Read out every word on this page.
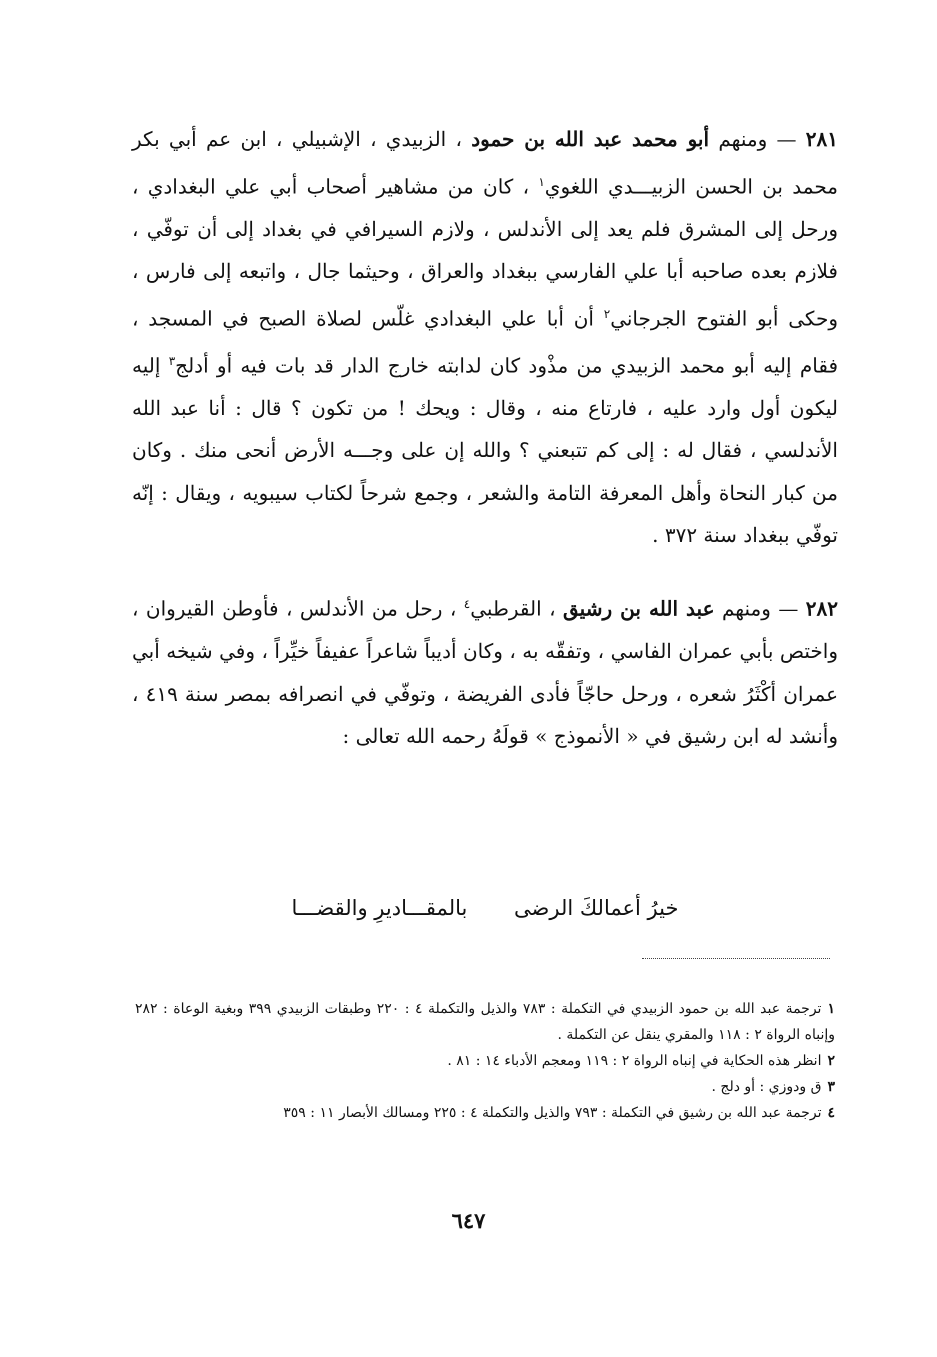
٢٨١ — ومنهم أبو محمد عبد الله بن حمود ، الزبيدي ، الإشبيلي ، ابن عم أبي بكر محمد بن الحسن الزبيـــدي اللغوي$^١$ ، كان من مشاهير أصحاب أبي علي البغدادي ، ورحل إلى المشرق فلم يعد إلى الأندلس ، ولازم السيرافي في بغداد إلى أن توفّي ، فلازم بعده صاحبه أبا علي الفارسي ببغداد والعراق ، وحيثما جال ، واتبعه إلى فارس ، وحكى أبو الفتوح الجرجاني$^٢$ أن أبا علي البغدادي غلّس لصلاة الصبح في المسجد ، فقام إليه أبو محمد الزبيدي من مذْود كان لدابته خارج الدار قد بات فيه أو أدلج$^٣$ إليه ليكون أول وارد عليه ، فارتاع منه ، وقال : ويحك ! من تكون ؟ قال : أنا عبد الله الأندلسي ، فقال له : إلى كم تتبعني ؟ والله إن على وجـــه الأرض أنحى منك . وكان من كبار النحاة وأهل المعرفة التامة والشعر ، وجمع شرحاً لكتاب سيبويه ، ويقال : إنّه توفّي ببغداد سنة ٣٧٢ .

٢٨٢ — ومنهم عبد الله بن رشيق ، القرطبي$^٤$ ، رحل من الأندلس ، فأوطن القيروان ، واختص بأبي عمران الفاسي ، وتفقّه به ، وكان أديباً شاعراً عفيفاً خيِّراً ، وفي شيخه أبي عمران أكْثَرُ شعره ، ورحل حاجّاً فأدى الفريضة ، وتوفّي في انصرافه بمصر سنة ٤١٩ ، وأنشد له ابن رشيق في « الأنموذج » قولَهُ رحمه الله تعالى :

خيرُ أعمالكَ الرضى بالمقـــاديرِ والقضـــا

١ترجمة عبد الله بن حمود الزبيدي في التكملة : ٧٨٣ والذيل والتكملة ٤ : ٢٢٠ وطبقات الزبيدي ٣٩٩ وبغية الوعاة : ٢٨٢ وإنباه الرواة ٢ : ١١٨ والمقري ينقل عن التكملة .

٢انظر هذه الحكاية في إنباه الرواة ٢ : ١١٩ ومعجم الأدباء ١٤ : ٨١ .

٣ق ودوزي : أو دلج .

٤ترجمة عبد الله بن رشيق في التكملة : ٧٩٣ والذيل والتكملة ٤ : ٢٢٥ ومسالك الأبصار ١١ : ٣٥٩

٦٤٧
